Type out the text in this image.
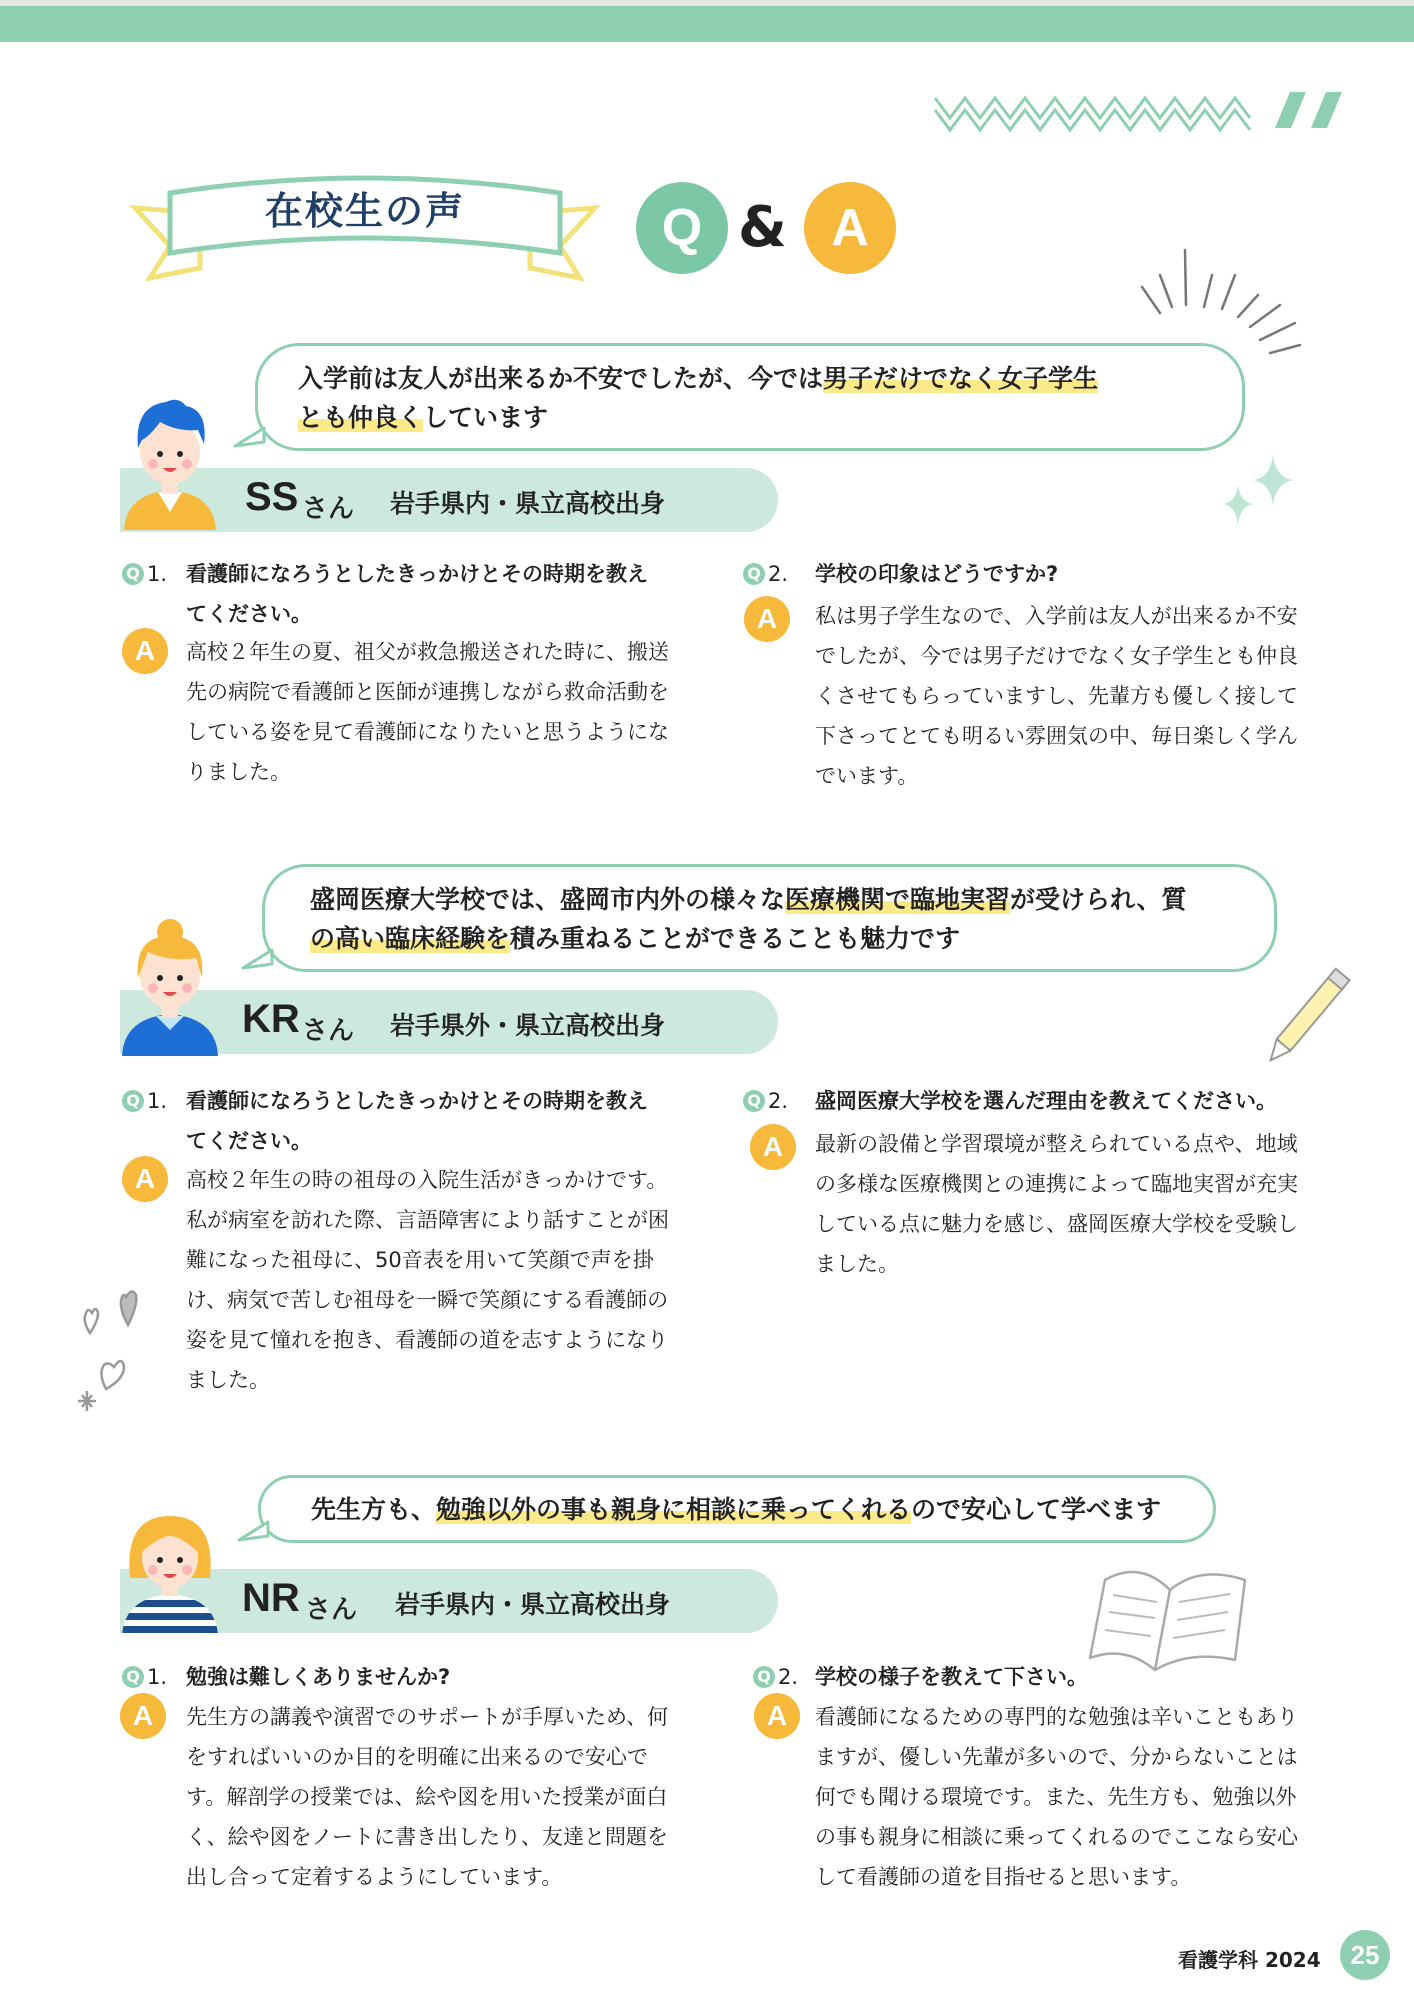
在校生の声	Q & A
入学前は友人が出来るか不安でしたが、今では男子だけでなく女子学生
とも仲良くしています
SS さん 岩手県内・県立高校出身
Q 1. 看護師になろうとしたきっかけとその時期を教え
てください。
A	高校２年生の夏、祖父が救急搬送された時に、搬送先の病院で看護師と医師が連携しながら救命活動をしている姿を見て看護師になりたいと思うようになりました。
Q 2. 学校の印象はどうですか?
A	私は男子学生なので、入学前は友人が出来るか不安でしたが、今では男子だけでなく女子学生とも仲良くさせてもらっていますし、先輩方も優しく接して下さってとても明るい雰囲気の中、毎日楽しく学んでいます。
盛岡医療大学校では、盛岡市内外の様々な医療機関で臨地実習が受けられ、質
の高い臨床経験を積み重ねることができることも魅力です
KR さん 岩手県外・県立高校出身
Q 1. 看護師になろうとしたきっかけとその時期を教え
てください。
A	高校２年生の時の祖母の入院生活がきっかけです。私が病室を訪れた際、言語障害により話すことが困難になった祖母に、50音表を用いて笑顔で声を掛け、病気で苦しむ祖母を一瞬で笑顔にする看護師の姿を見て憧れを抱き、看護師の道を志すようになりました。
Q 2. 盛岡医療大学校を選んだ理由を教えてください。
A	最新の設備と学習環境が整えられている点や、地域の多様な医療機関との連携によって臨地実習が充実している点に魅力を感じ、盛岡医療大学校を受験しました。
先生方も、勉強以外の事も親身に相談に乗ってくれるので安心して学べます
NR さん 岩手県内・県立高校出身
Q 1. 勉強は難しくありませんか?
A	先生方の講義や演習でのサポートが手厚いため、何をすればいいのか目的を明確に出来るので安心です。解剖学の授業では、絵や図を用いた授業が面白く、絵や図をノートに書き出したり、友達と問題を出し合って定着するようにしています。
Q 2. 学校の様子を教えて下さい。
A	看護師になるための専門的な勉強は辛いこともありますが、優しい先輩が多いので、分からないことは何でも聞ける環境です。また、先生方も、勉強以外の事も親身に相談に乗ってくれるのでここなら安心して看護師の道を目指せると思います。
看護学科 2024	25
